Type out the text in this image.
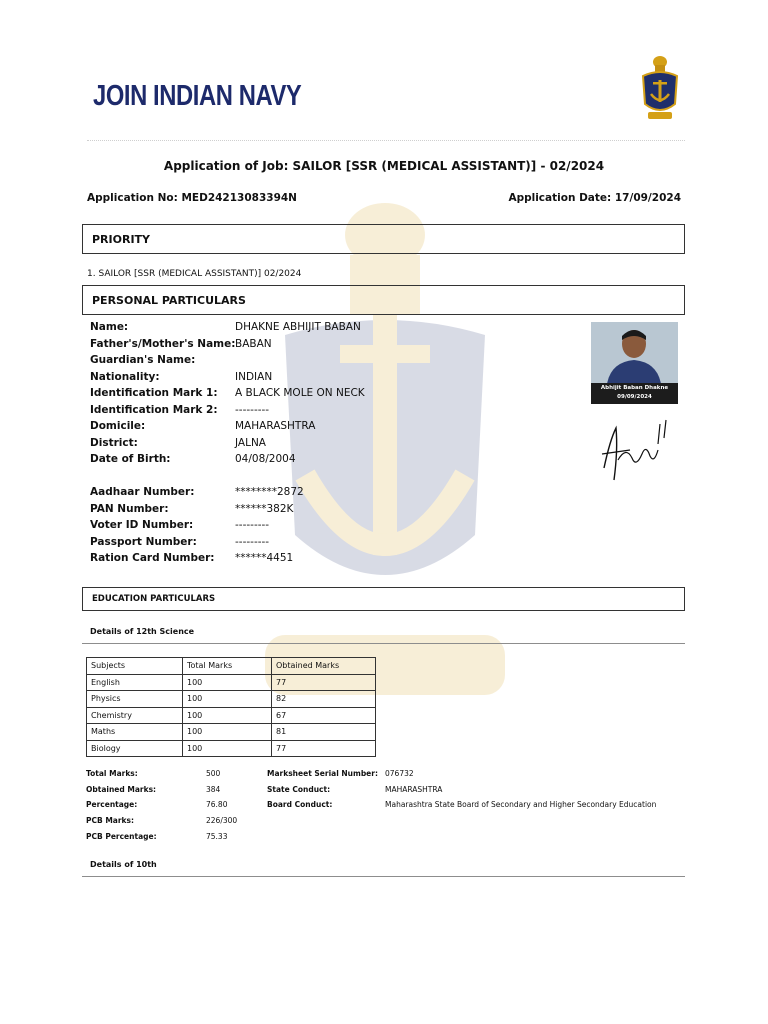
JOIN INDIAN NAVY
Application of Job: SAILOR [SSR (MEDICAL ASSISTANT)] - 02/2024
Application No: MED24213083394N	Application Date: 17/09/2024
PRIORITY
1. SAILOR [SSR (MEDICAL ASSISTANT)] 02/2024
PERSONAL PARTICULARS
Name:	DHAKNE ABHIJIT BABAN
Father's/Mother's Name: BABAN
Guardian's Name:
Nationality:	INDIAN
Identification Mark 1:	A BLACK MOLE ON NECK
Identification Mark 2:	---------
Domicile:	MAHARASHTRA
District:	JALNA
Date of Birth:	04/08/2004
Aadhaar Number:	********2872
PAN Number:	******382K
Voter ID Number:	---------
Passport Number:	---------
Ration Card Number:	******4451
Abhijit Baban Dhakne
09/09/2024
EDUCATION PARTICULARS
Details of 12th Science
Subjects	Total Marks	Obtained Marks
English	100	77
Physics	100	82
Chemistry	100	67
Maths	100	81
Biology	100	77
Total Marks:	500
Obtained Marks:	384
Percentage:	76.80
PCB Marks:	226/300
PCB Percentage:	75.33
Marksheet Serial Number: 076732
State Conduct:	MAHARASHTRA
Board Conduct:	Maharashtra State Board of Secondary and Higher Secondary Education
Details of 10th
